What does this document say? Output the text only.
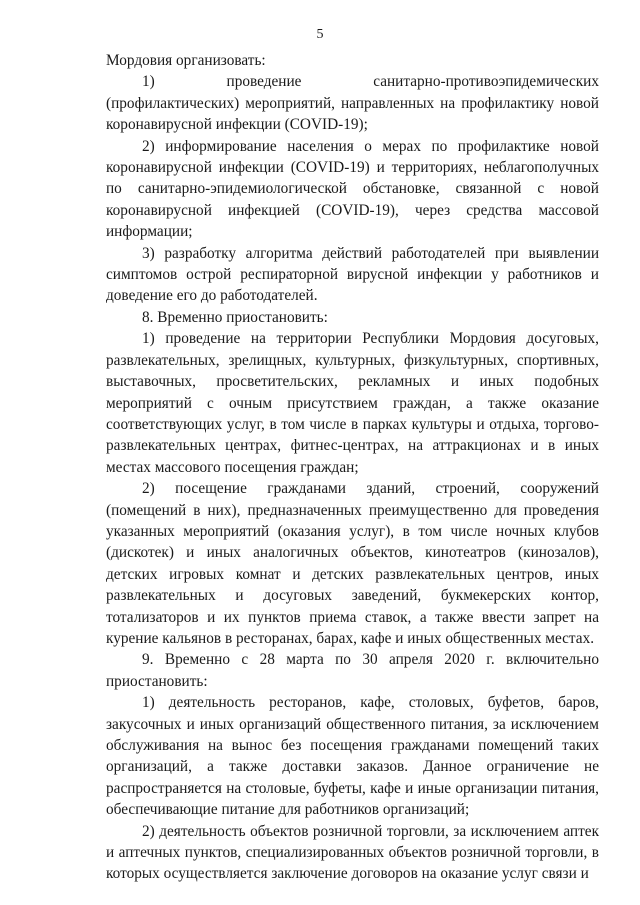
5

Мордовия организовать:

1) проведение санитарно-противоэпидемических (профилактических) мероприятий, направленных на профилактику новой коронавирусной инфекции (COVID-19);

2) информирование населения о мерах по профилактике новой коронавирусной инфекции (COVID-19) и территориях, неблагополучных по санитарно-эпидемиологической обстановке, связанной с новой коронавирусной инфекцией (COVID-19), через средства массовой информации;

3) разработку алгоритма действий работодателей при выявлении симптомов острой респираторной вирусной инфекции у работников и доведение его до работодателей.

8. Временно приостановить:

1) проведение на территории Республики Мордовия досуговых, развлекательных, зрелищных, культурных, физкультурных, спортивных, выставочных, просветительских, рекламных и иных подобных мероприятий с очным присутствием граждан, а также оказание соответствующих услуг, в том числе в парках культуры и отдыха, торгово-развлекательных центрах, фитнес-центрах, на аттракционах и в иных местах массового посещения граждан;

2) посещение гражданами зданий, строений, сооружений (помещений в них), предназначенных преимущественно для проведения указанных мероприятий (оказания услуг), в том числе ночных клубов (дискотек) и иных аналогичных объектов, кинотеатров (кинозалов), детских игровых комнат и детских развлекательных центров, иных развлекательных и досуговых заведений, букмекерских контор, тотализаторов и их пунктов приема ставок, а также ввести запрет на курение кальянов в ресторанах, барах, кафе и иных общественных местах.

9. Временно с 28 марта по 30 апреля 2020 г. включительно приостановить:

1) деятельность ресторанов, кафе, столовых, буфетов, баров, закусочных и иных организаций общественного питания, за исключением обслуживания на вынос без посещения гражданами помещений таких организаций, а также доставки заказов. Данное ограничение не распространяется на столовые, буфеты, кафе и иные организации питания, обеспечивающие питание для работников организаций;

2) деятельность объектов розничной торговли, за исключением аптек и аптечных пунктов, специализированных объектов розничной торговли, в которых осуществляется заключение договоров на оказание услуг связи и
